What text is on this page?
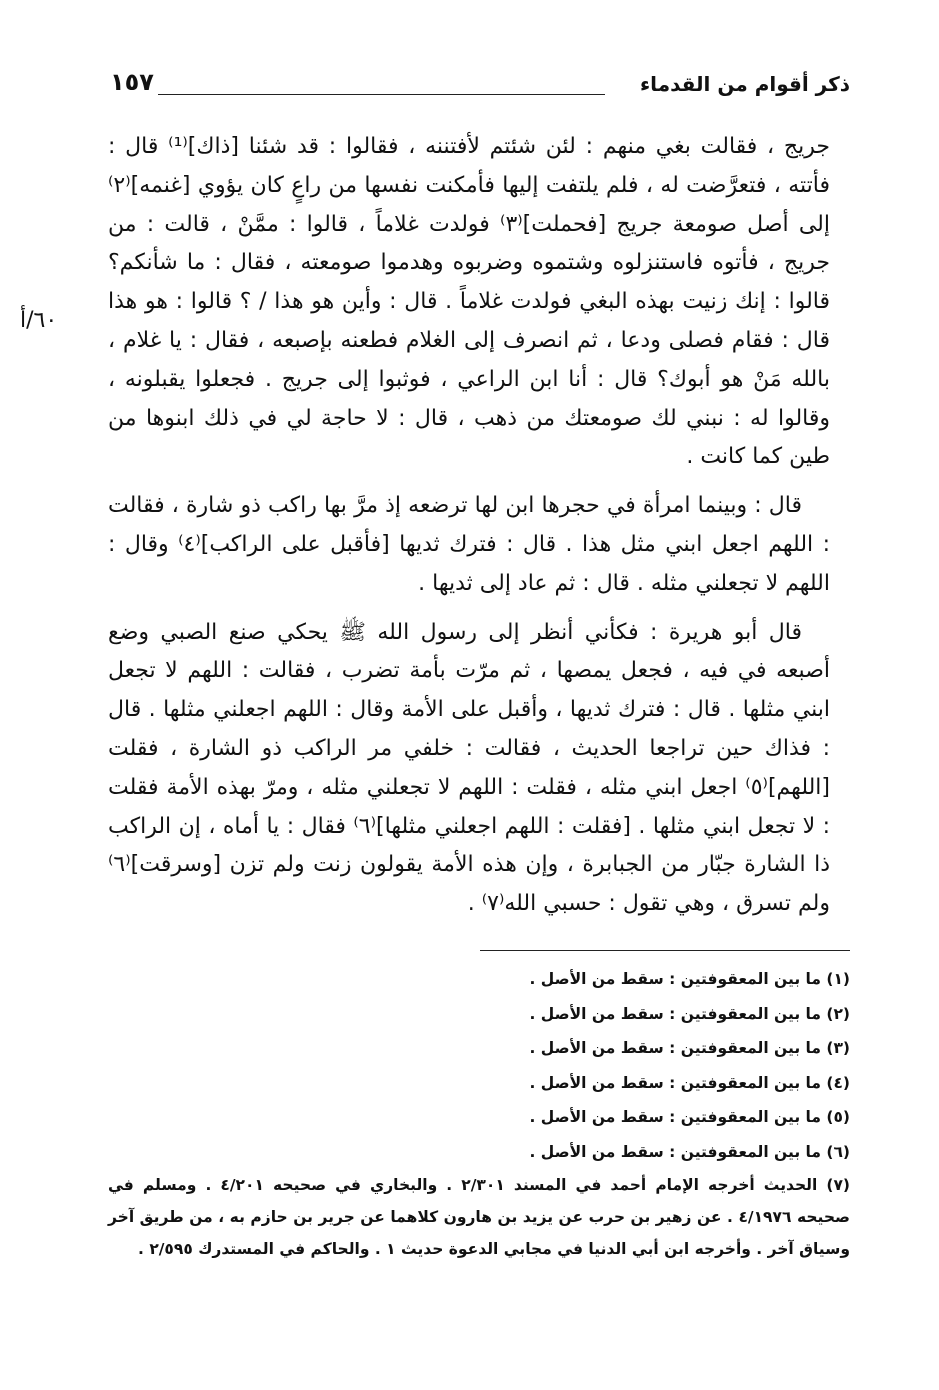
ذكر أقوام من القدماء
١٥٧
٦٠/أ

جريج ، فقالت بغي منهم : لئن شئتم لأفتننه ، فقالوا : قد شئنا [ذاك]⁽¹⁾ قال : فأتته ، فتعرَّضت له ، فلم يلتفت إليها فأمكنت نفسها من راعٍ كان يؤوي [غنمه]⁽٢⁾ إلى أصل صومعة جريج [فحملت]⁽٣⁾ فولدت غلاماً ، قالوا : ممَّنْ ، قالت : من جريج ، فأتوه فاستنزلوه وشتموه وضربوه وهدموا صومعته ، فقال : ما شأنكم؟ قالوا : إنك زنيت بهذه البغي فولدت غلاماً . قال : وأين هو هذا / ؟ قالوا : هو هذا قال : فقام فصلى ودعا ، ثم انصرف إلى الغلام فطعنه بإصبعه ، فقال : يا غلام ، بالله مَنْ هو أبوك؟ قال : أنا ابن الراعي ، فوثبوا إلى جريج . فجعلوا يقبلونه ، وقالوا له : نبني لك صومعتك من ذهب ، قال : لا حاجة لي في ذلك ابنوها من طين كما كانت .

قال : وبينما امرأة في حجرها ابن لها ترضعه إذ مرَّ بها راكب ذو شارة ، فقالت : اللهم اجعل ابني مثل هذا . قال : فترك ثديها [فأقبل على الراكب]⁽٤⁾ وقال : اللهم لا تجعلني مثله . قال : ثم عاد إلى ثديها .

قال أبو هريرة : فكأني أنظر إلى رسول الله ﷺ يحكي صنع الصبي وضع أصبعه في فيه ، فجعل يمصها ، ثم مرّت بأمة تضرب ، فقالت : اللهم لا تجعل ابني مثلها . قال : فترك ثديها ، وأقبل على الأمة وقال : اللهم اجعلني مثلها . قال : فذاك حين تراجعا الحديث ، فقالت : خلفي مر الراكب ذو الشارة ، فقلت [اللهم]⁽٥⁾ اجعل ابني مثله ، فقلت : اللهم لا تجعلني مثله ، ومرّ بهذه الأمة فقلت : لا تجعل ابني مثلها . [فقلت : اللهم اجعلني مثلها]⁽٦⁾ فقال : يا أماه ، إن الراكب ذا الشارة جبّار من الجبابرة ، وإن هذه الأمة يقولون زنت ولم تزن [وسرقت]⁽٦⁾ ولم تسرق ، وهي تقول : حسبي الله⁽٧⁾ .

(١) ما بين المعقوفتين : سقط من الأصل .
(٢) ما بين المعقوفتين : سقط من الأصل .
(٣) ما بين المعقوفتين : سقط من الأصل .
(٤) ما بين المعقوفتين : سقط من الأصل .
(٥) ما بين المعقوفتين : سقط من الأصل .
(٦) ما بين المعقوفتين : سقط من الأصل .
(٧) الحديث أخرجه الإمام أحمد في المسند ٢/٣٠١ . والبخاري في صحيحه ٤/٢٠١ . ومسلم في صحيحه ٤/١٩٧٦ . عن زهير بن حرب عن يزيد بن هارون كلاهما عن جرير بن حازم به ، من طريق آخر وسياق آخر . وأخرجه ابن أبي الدنيا في مجابي الدعوة حديث ١ . والحاكم في المستدرك ٢/٥٩٥ .
